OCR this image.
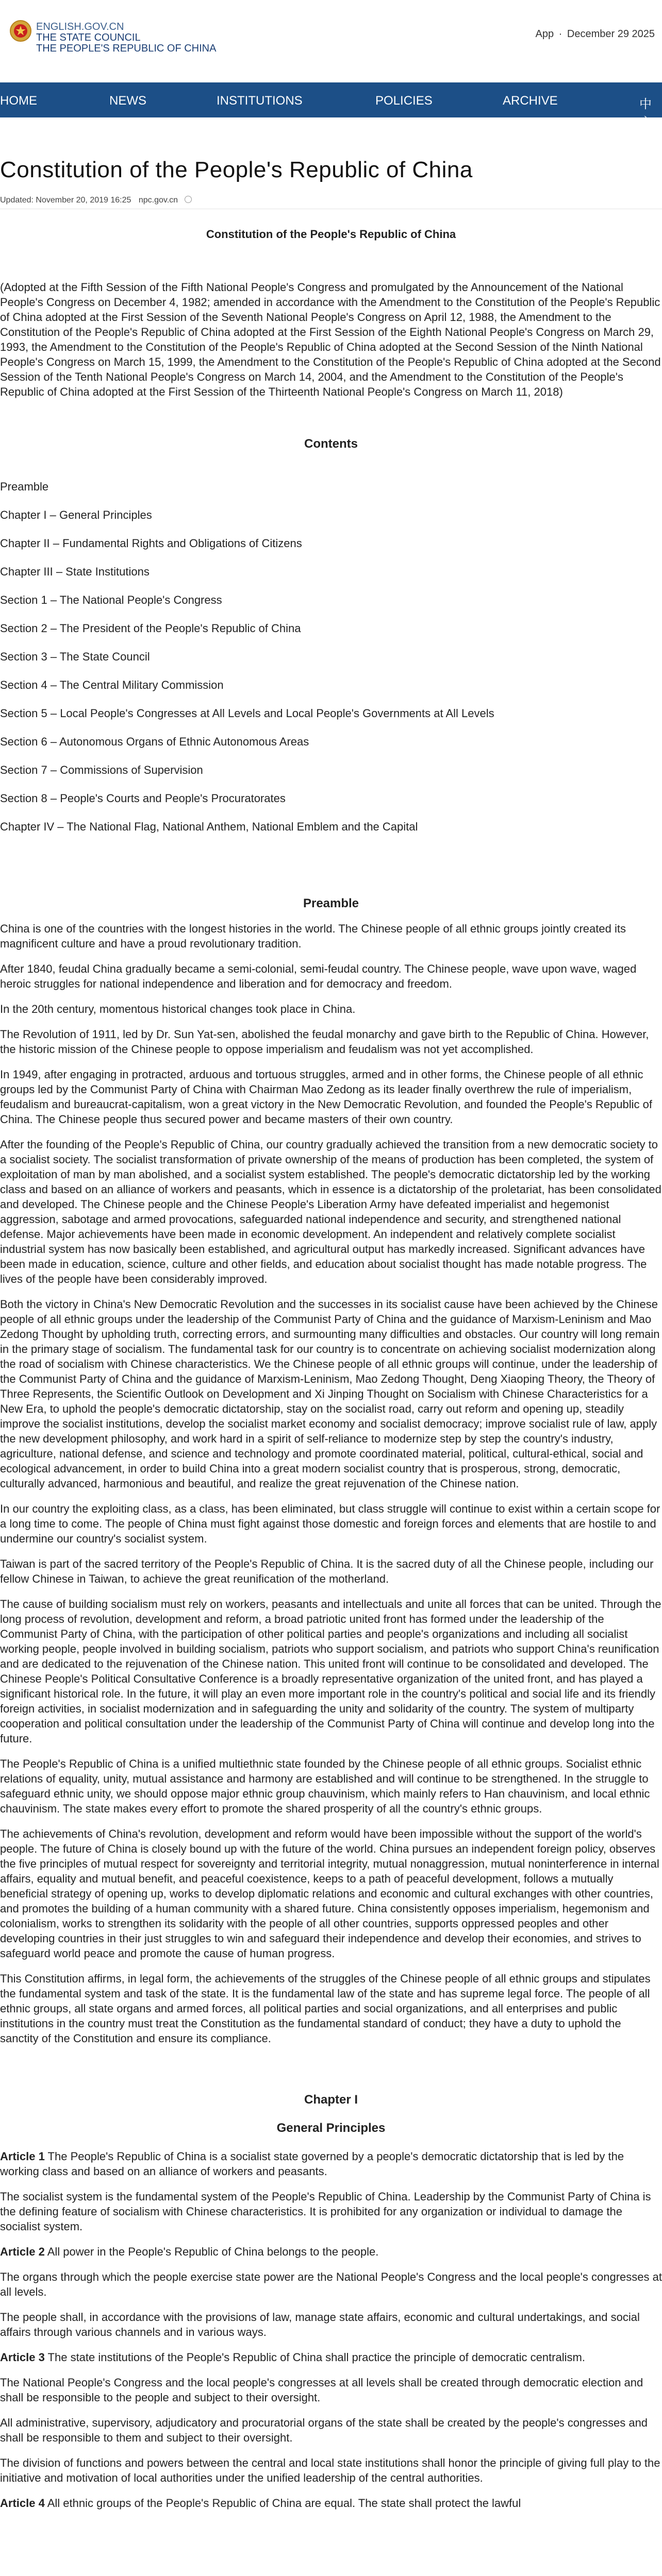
ENGLISH.GOV.CN
THE STATE COUNCIL
THE PEOPLE'S REPUBLIC OF CHINA
App · December 29 2025
HOME	NEWS	INSTITUTIONS	POLICIES	ARCHIVE	中文
Constitution of the People's Republic of China
Updated: November 20, 2019 16:25 npc.gov.cn

Constitution of the People's Republic of China

(Adopted at the Fifth Session of the Fifth National People's Congress and promulgated by the Announcement of the National People's Congress on December 4, 1982; amended in accordance with the Amendment to the Constitution of the People's Republic of China adopted at the First Session of the Seventh National People's Congress on April 12, 1988, the Amendment to the Constitution of the People's Republic of China adopted at the First Session of the Eighth National People's Congress on March 29, 1993, the Amendment to the Constitution of the People's Republic of China adopted at the Second Session of the Ninth National People's Congress on March 15, 1999, the Amendment to the Constitution of the People's Republic of China adopted at the Second Session of the Tenth National People's Congress on March 14, 2004, and the Amendment to the Constitution of the People's Republic of China adopted at the First Session of the Thirteenth National People's Congress on March 11, 2018)

Contents

Preamble
Chapter I – General Principles
Chapter II – Fundamental Rights and Obligations of Citizens
Chapter III – State Institutions
Section 1 – The National People's Congress
Section 2 – The President of the People's Republic of China
Section 3 – The State Council
Section 4 – The Central Military Commission
Section 5 – Local People's Congresses at All Levels and Local People's Governments at All Levels
Section 6 – Autonomous Organs of Ethnic Autonomous Areas
Section 7 – Commissions of Supervision
Section 8 – People's Courts and People's Procuratorates
Chapter IV – The National Flag, National Anthem, National Emblem and the Capital

Preamble

China is one of the countries with the longest histories in the world. The Chinese people of all ethnic groups jointly created its magnificent culture and have a proud revolutionary tradition.

After 1840, feudal China gradually became a semi-colonial, semi-feudal country. The Chinese people, wave upon wave, waged heroic struggles for national independence and liberation and for democracy and freedom.

In the 20th century, momentous historical changes took place in China.

The Revolution of 1911, led by Dr. Sun Yat-sen, abolished the feudal monarchy and gave birth to the Republic of China. However, the historic mission of the Chinese people to oppose imperialism and feudalism was not yet accomplished.

In 1949, after engaging in protracted, arduous and tortuous struggles, armed and in other forms, the Chinese people of all ethnic groups led by the Communist Party of China with Chairman Mao Zedong as its leader finally overthrew the rule of imperialism, feudalism and bureaucrat-capitalism, won a great victory in the New Democratic Revolution, and founded the People's Republic of China. The Chinese people thus secured power and became masters of their own country.

After the founding of the People's Republic of China, our country gradually achieved the transition from a new democratic society to a socialist society. The socialist transformation of private ownership of the means of production has been completed, the system of exploitation of man by man abolished, and a socialist system established. The people's democratic dictatorship led by the working class and based on an alliance of workers and peasants, which in essence is a dictatorship of the proletariat, has been consolidated and developed. The Chinese people and the Chinese People's Liberation Army have defeated imperialist and hegemonist aggression, sabotage and armed provocations, safeguarded national independence and security, and strengthened national defense. Major achievements have been made in economic development. An independent and relatively complete socialist industrial system has now basically been established, and agricultural output has markedly increased. Significant advances have been made in education, science, culture and other fields, and education about socialist thought has made notable progress. The lives of the people have been considerably improved.

Both the victory in China's New Democratic Revolution and the successes in its socialist cause have been achieved by the Chinese people of all ethnic groups under the leadership of the Communist Party of China and the guidance of Marxism-Leninism and Mao Zedong Thought by upholding truth, correcting errors, and surmounting many difficulties and obstacles. Our country will long remain in the primary stage of socialism. The fundamental task for our country is to concentrate on achieving socialist modernization along the road of socialism with Chinese characteristics. We the Chinese people of all ethnic groups will continue, under the leadership of the Communist Party of China and the guidance of Marxism-Leninism, Mao Zedong Thought, Deng Xiaoping Theory, the Theory of Three Represents, the Scientific Outlook on Development and Xi Jinping Thought on Socialism with Chinese Characteristics for a New Era, to uphold the people's democratic dictatorship, stay on the socialist road, carry out reform and opening up, steadily improve the socialist institutions, develop the socialist market economy and socialist democracy; improve socialist rule of law, apply the new development philosophy, and work hard in a spirit of self-reliance to modernize step by step the country's industry, agriculture, national defense, and science and technology and promote coordinated material, political, cultural-ethical, social and ecological advancement, in order to build China into a great modern socialist country that is prosperous, strong, democratic, culturally advanced, harmonious and beautiful, and realize the great rejuvenation of the Chinese nation.

In our country the exploiting class, as a class, has been eliminated, but class struggle will continue to exist within a certain scope for a long time to come. The people of China must fight against those domestic and foreign forces and elements that are hostile to and undermine our country's socialist system.

Taiwan is part of the sacred territory of the People's Republic of China. It is the sacred duty of all the Chinese people, including our fellow Chinese in Taiwan, to achieve the great reunification of the motherland.

The cause of building socialism must rely on workers, peasants and intellectuals and unite all forces that can be united. Through the long process of revolution, development and reform, a broad patriotic united front has formed under the leadership of the Communist Party of China, with the participation of other political parties and people's organizations and including all socialist working people, people involved in building socialism, patriots who support socialism, and patriots who support China's reunification and are dedicated to the rejuvenation of the Chinese nation. This united front will continue to be consolidated and developed. The Chinese People's Political Consultative Conference is a broadly representative organization of the united front, and has played a significant historical role. In the future, it will play an even more important role in the country's political and social life and its friendly foreign activities, in socialist modernization and in safeguarding the unity and solidarity of the country. The system of multiparty cooperation and political consultation under the leadership of the Communist Party of China will continue and develop long into the future.

The People's Republic of China is a unified multiethnic state founded by the Chinese people of all ethnic groups. Socialist ethnic relations of equality, unity, mutual assistance and harmony are established and will continue to be strengthened. In the struggle to safeguard ethnic unity, we should oppose major ethnic group chauvinism, which mainly refers to Han chauvinism, and local ethnic chauvinism. The state makes every effort to promote the shared prosperity of all the country's ethnic groups.

The achievements of China's revolution, development and reform would have been impossible without the support of the world's people. The future of China is closely bound up with the future of the world. China pursues an independent foreign policy, observes the five principles of mutual respect for sovereignty and territorial integrity, mutual nonaggression, mutual noninterference in internal affairs, equality and mutual benefit, and peaceful coexistence, keeps to a path of peaceful development, follows a mutually beneficial strategy of opening up, works to develop diplomatic relations and economic and cultural exchanges with other countries, and promotes the building of a human community with a shared future. China consistently opposes imperialism, hegemonism and colonialism, works to strengthen its solidarity with the people of all other countries, supports oppressed peoples and other developing countries in their just struggles to win and safeguard their independence and develop their economies, and strives to safeguard world peace and promote the cause of human progress.

This Constitution affirms, in legal form, the achievements of the struggles of the Chinese people of all ethnic groups and stipulates the fundamental system and task of the state. It is the fundamental law of the state and has supreme legal force. The people of all ethnic groups, all state organs and armed forces, all political parties and social organizations, and all enterprises and public institutions in the country must treat the Constitution as the fundamental standard of conduct; they have a duty to uphold the sanctity of the Constitution and ensure its compliance.

Chapter I

General Principles

Article 1 The People's Republic of China is a socialist state governed by a people's democratic dictatorship that is led by the working class and based on an alliance of workers and peasants.

The socialist system is the fundamental system of the People's Republic of China. Leadership by the Communist Party of China is the defining feature of socialism with Chinese characteristics. It is prohibited for any organization or individual to damage the socialist system.

Article 2 All power in the People's Republic of China belongs to the people.

The organs through which the people exercise state power are the National People's Congress and the local people's congresses at all levels.

The people shall, in accordance with the provisions of law, manage state affairs, economic and cultural undertakings, and social affairs through various channels and in various ways.

Article 3 The state institutions of the People's Republic of China shall practice the principle of democratic centralism.

The National People's Congress and the local people's congresses at all levels shall be created through democratic election and shall be responsible to the people and subject to their oversight.

All administrative, supervisory, adjudicatory and procuratorial organs of the state shall be created by the people's congresses and shall be responsible to them and subject to their oversight.

The division of functions and powers between the central and local state institutions shall honor the principle of giving full play to the initiative and motivation of local authorities under the unified leadership of the central authorities.

Article 4 All ethnic groups of the People's Republic of China are equal. The state shall protect the lawful
